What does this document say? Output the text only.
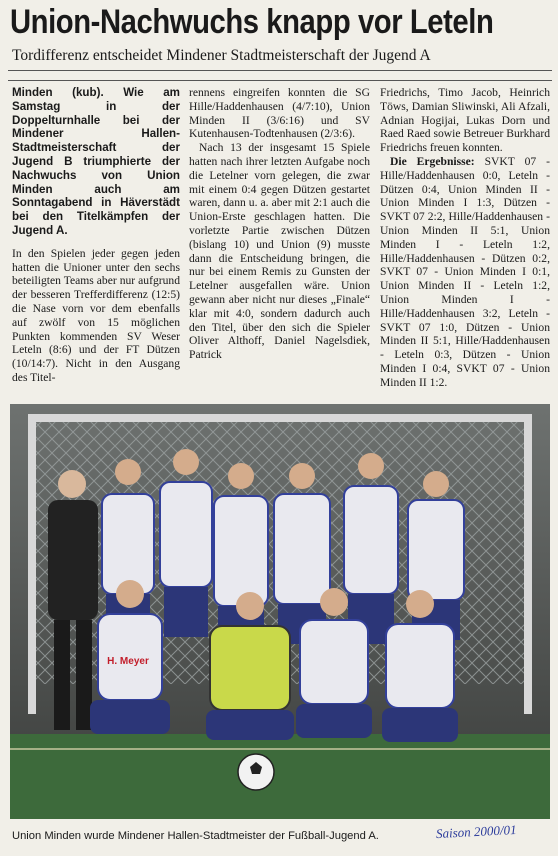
Union-Nachwuchs knapp vor Leteln
Tordifferenz entscheidet Mindener Stadtmeisterschaft der Jugend A

Minden (kub). Wie am Samstag in der Doppelturnhalle bei der Mindener Hallen-Stadtmeisterschaft der Jugend B triumphierte der Nachwuchs von Union Minden auch am Sonntagabend in Häverstädt bei den Titelkämpfen der Jugend A.

In den Spielen jeder gegen jeden hatten die Unioner unter den sechs beteiligten Teams aber nur aufgrund der besseren Trefferdifferenz (12:5) die Nase vorn vor dem ebenfalls auf zwölf von 15 möglichen Punkten kommenden SV Weser Leteln (8:6) und der FT Dützen (10/14:7). Nicht in den Ausgang des Titel-

rennens eingreifen konnten die SG Hille/Haddenhausen (4/7:10), Union Minden II (3/6:16) und SV Kutenhausen-Todtenhausen (2/3:6).

Nach 13 der insgesamt 15 Spiele hatten nach ihrer letzten Aufgabe noch die Letelner vorn gelegen, die zwar mit einem 0:4 gegen Dützen gestartet waren, dann u. a. aber mit 2:1 auch die Union-Erste geschlagen hatten. Die vorletzte Partie zwischen Dützen (bislang 10) und Union (9) musste dann die Entscheidung bringen, die nur bei einem Remis zu Gunsten der Letelner ausgefallen wäre. Union gewann aber nicht nur dieses „Finale“ klar mit 4:0, sondern dadurch auch den Titel, über den sich die Spieler Oliver Althoff, Daniel Nagelsdiek, Patrick

Friedrichs, Timo Jacob, Heinrich Töws, Damian Sliwinski, Ali Afzali, Adnian Hogijai, Lukas Dorn und Raed Raed sowie Betreuer Burkhard Friedrichs freuen konnten.

Die Ergebnisse: SVKT 07 - Hille/Haddenhausen 0:0, Leteln - Dützen 0:4, Union Minden II - Union Minden I 1:3, Dützen - SVKT 07 2:2, Hille/Haddenhausen - Union Minden II 5:1, Union Minden I - Leteln 1:2, Hille/Haddenhausen - Dützen 0:2, SVKT 07 - Union Minden I 0:1, Union Minden II - Leteln 1:2, Union Minden I - Hille/Haddenhausen 3:2, Leteln - SVKT 07 1:0, Dützen - Union Minden II 5:1, Hille/Haddenhausen - Leteln 0:3, Dützen - Union Minden I 0:4, SVKT 07 - Union Minden II 1:2.

H. Meyer
Union Minden wurde Mindener Hallen-Stadtmeister der Fußball-Jugend A.	Saison 2000/01
